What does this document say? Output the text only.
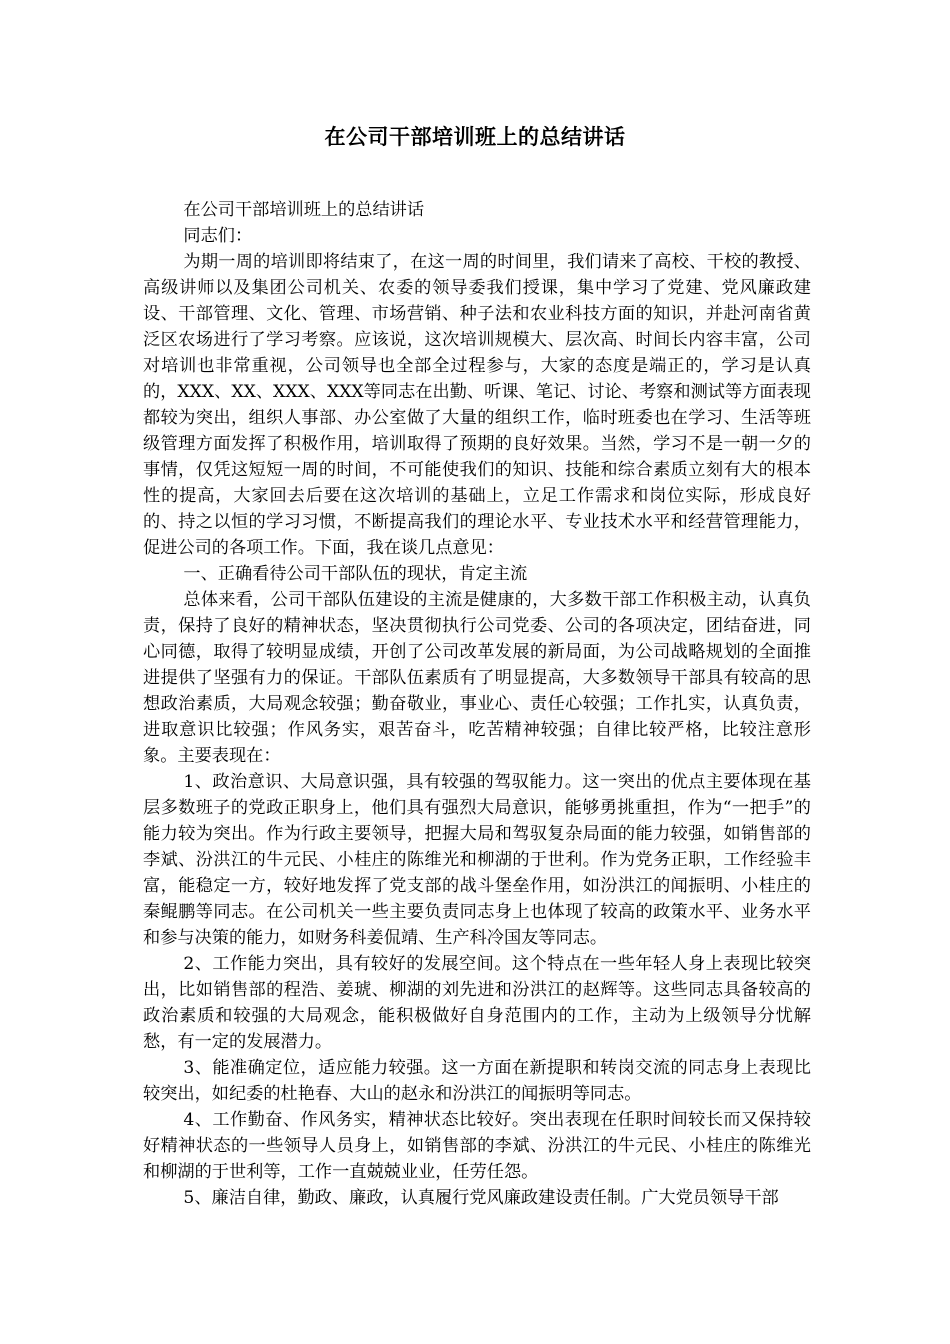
在公司干部培训班上的总结讲话

在公司干部培训班上的总结讲话

同志们：

为期一周的培训即将结束了，在这一周的时间里，我们请来了高校、干校的教授、高级讲师以及集团公司机关、农委的领导委我们授课，集中学习了党建、党风廉政建设、干部管理、文化、管理、市场营销、种子法和农业科技方面的知识，并赴河南省黄泛区农场进行了学习考察。应该说，这次培训规模大、层次高、时间长内容丰富，公司对培训也非常重视，公司领导也全部全过程参与，大家的态度是端正的，学习是认真的，XXX、XX、XXX、XXX等同志在出勤、听课、笔记、讨论、考察和测试等方面表现都较为突出，组织人事部、办公室做了大量的组织工作，临时班委也在学习、生活等班级管理方面发挥了积极作用，培训取得了预期的良好效果。当然，学习不是一朝一夕的事情，仅凭这短短一周的时间，不可能使我们的知识、技能和综合素质立刻有大的根本性的提高，大家回去后要在这次培训的基础上，立足工作需求和岗位实际，形成良好的、持之以恒的学习习惯，不断提高我们的理论水平、专业技术水平和经营管理能力，促进公司的各项工作。下面，我在谈几点意见：

一、正确看待公司干部队伍的现状，肯定主流

总体来看，公司干部队伍建设的主流是健康的，大多数干部工作积极主动，认真负责，保持了良好的精神状态，坚决贯彻执行公司党委、公司的各项决定，团结奋进，同心同德，取得了较明显成绩，开创了公司改革发展的新局面，为公司战略规划的全面推进提供了坚强有力的保证。干部队伍素质有了明显提高，大多数领导干部具有较高的思想政治素质，大局观念较强；勤奋敬业，事业心、责任心较强；工作扎实，认真负责，进取意识比较强；作风务实，艰苦奋斗，吃苦精神较强；自律比较严格，比较注意形象。主要表现在：

1、政治意识、大局意识强，具有较强的驾驭能力。这一突出的优点主要体现在基层多数班子的党政正职身上，他们具有强烈大局意识，能够勇挑重担，作为“一把手”的能力较为突出。作为行政主要领导，把握大局和驾驭复杂局面的能力较强，如销售部的李斌、汾洪江的牛元民、小桂庄的陈维光和柳湖的于世利。作为党务正职，工作经验丰富，能稳定一方，较好地发挥了党支部的战斗堡垒作用，如汾洪江的闻振明、小桂庄的秦鲲鹏等同志。在公司机关一些主要负责同志身上也体现了较高的政策水平、业务水平和参与决策的能力，如财务科姜侃靖、生产科冷国友等同志。

2、工作能力突出，具有较好的发展空间。这个特点在一些年轻人身上表现比较突出，比如销售部的程浩、姜琥、柳湖的刘先进和汾洪江的赵辉等。这些同志具备较高的政治素质和较强的大局观念，能积极做好自身范围内的工作，主动为上级领导分忧解愁，有一定的发展潜力。

3、能准确定位，适应能力较强。这一方面在新提职和转岗交流的同志身上表现比较突出，如纪委的杜艳春、大山的赵永和汾洪江的闻振明等同志。

4、工作勤奋、作风务实，精神状态比较好。突出表现在任职时间较长而又保持较好精神状态的一些领导人员身上，如销售部的李斌、汾洪江的牛元民、小桂庄的陈维光和柳湖的于世利等，工作一直兢兢业业，任劳任怨。

5、廉洁自律，勤政、廉政，认真履行党风廉政建设责任制。广大党员领导干部
